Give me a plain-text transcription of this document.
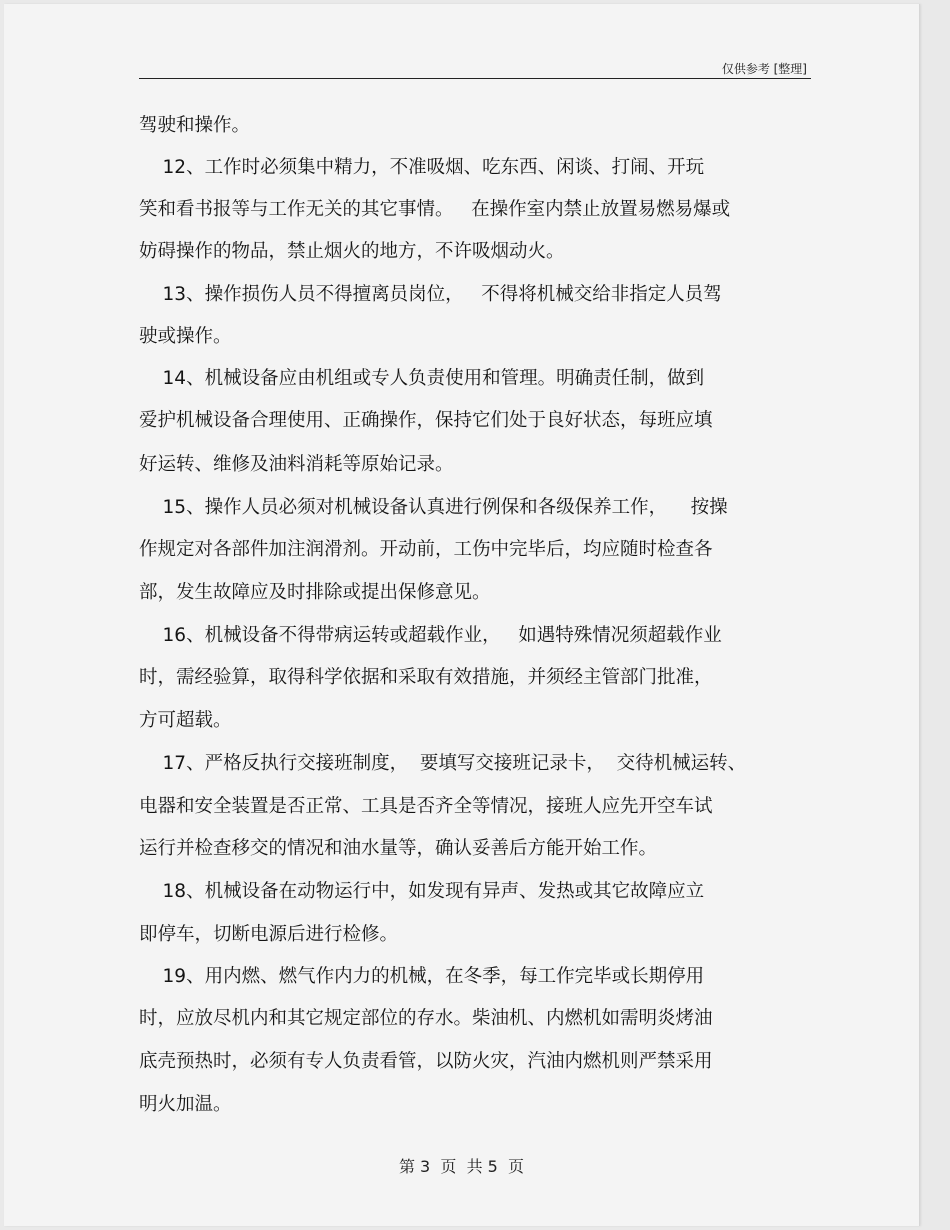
仅供参考 [整理]
驾驶和操作。
12、工作时必须集中精力，不准吸烟、吃东西、闲谈、打闹、开玩
笑和看书报等与工作无关的其它事情。   在操作室内禁止放置易燃易爆或
妨碍操作的物品，禁止烟火的地方，不许吸烟动火。
13、操作损伤人员不得擅离员岗位，   不得将机械交给非指定人员驾
驶或操作。
14、机械设备应由机组或专人负责使用和管理。明确责任制，做到
爱护机械设备合理使用、正确操作，保持它们处于良好状态，每班应填
好运转、维修及油料消耗等原始记录。
15、操作人员必须对机械设备认真进行例保和各级保养工作，    按操
作规定对各部件加注润滑剂。开动前，工伤中完毕后，均应随时检查各
部，发生故障应及时排除或提出保修意见。
16、机械设备不得带病运转或超载作业，   如遇特殊情况须超载作业
时，需经验算，取得科学依据和采取有效措施，并须经主管部门批准，
方可超载。
17、严格反执行交接班制度，  要填写交接班记录卡，  交待机械运转、
电器和安全装置是否正常、工具是否齐全等情况，接班人应先开空车试
运行并检查移交的情况和油水量等，确认妥善后方能开始工作。
18、机械设备在动物运行中，如发现有异声、发热或其它故障应立
即停车，切断电源后进行检修。
19、用内燃、燃气作内力的机械，在冬季，每工作完毕或长期停用
时，应放尽机内和其它规定部位的存水。柴油机、内燃机如需明炎烤油
底壳预热时，必须有专人负责看管，以防火灾，汽油内燃机则严禁采用
明火加温。
第 3  页  共 5  页
